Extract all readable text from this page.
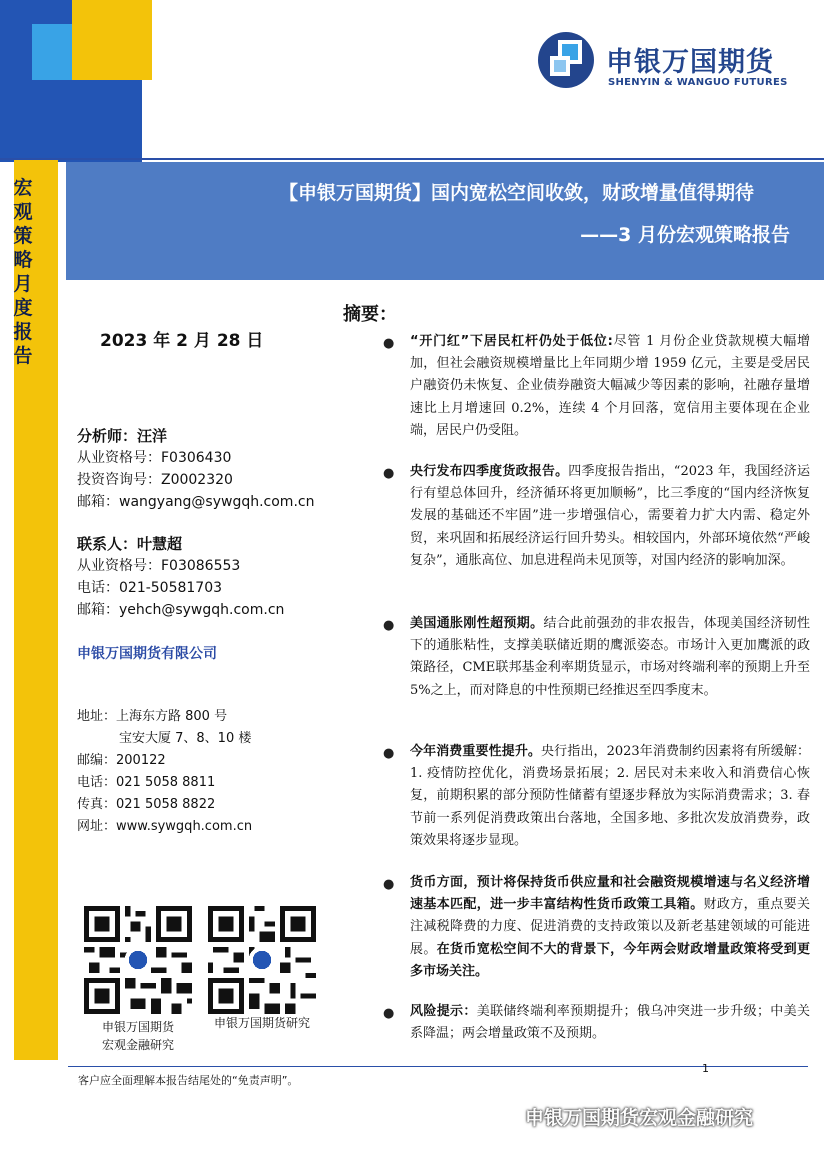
申银万国期货
SHENYIN & WANGUO FUTURES
宏观策略
月度报告
【申银万国期货】国内宽松空间收敛，财政增量值得期待
——3 月份宏观策略报告
2023 年 2 月 28 日
分析师：汪洋
从业资格号：F0306430
投资咨询号：Z0002320
邮箱：wangyang@sywgqh.com.cn
联系人：叶慧超
从业资格号：F03086553
电话：021-50581703
邮箱：yehch@sywgqh.com.cn
申银万国期货有限公司
地址：上海东方路 800 号
宝安大厦 7、8、10 楼
邮编：200122
电话：021 5058 8811
传真：021 5058 8822
网址：www.sywgqh.com.cn
申银万国期货
宏观金融研究
申银万国期货研究
摘要：
● “开门红”下居民杠杆仍处于低位:尽管 1 月份企业贷款规模大幅增加，但社会融资规模增量比上年同期少增 1959 亿元，主要是受居民户融资仍未恢复、企业债券融资大幅减少等因素的影响，社融存量增速比上月增速回 0.2%，连续 4 个月回落，宽信用主要体现在企业端，居民户仍受阻。
● 央行发布四季度货政报告。四季度报告指出，“2023 年，我国经济运行有望总体回升，经济循环将更加顺畅”，比三季度的“国内经济恢复发展的基础还不牢固”进一步增强信心，需要着力扩大内需、稳定外贸，来巩固和拓展经济运行回升势头。相较国内，外部环境依然“严峻复杂”，通胀高位、加息进程尚未见顶等，对国内经济的影响加深。
● 美国通胀刚性超预期。结合此前强劲的非农报告，体现美国经济韧性下的通胀粘性，支撑美联储近期的鹰派姿态。市场计入更加鹰派的政策路径，CME联邦基金利率期货显示，市场对终端利率的预期上升至5%之上，而对降息的中性预期已经推迟至四季度末。
● 今年消费重要性提升。央行指出，2023年消费制约因素将有所缓解：1. 疫情防控优化，消费场景拓展；2. 居民对未来收入和消费信心恢复，前期积累的部分预防性储蓄有望逐步释放为实际消费需求；3. 春节前一系列促消费政策出台落地，全国多地、多批次发放消费券，政策效果将逐步显现。
● 货币方面，预计将保持货币供应量和社会融资规模增速与名义经济增速基本匹配，进一步丰富结构性货币政策工具箱。财政方，重点要关注减税降费的力度、促进消费的支持政策以及新老基建领域的可能进展。在货币宽松空间不大的背景下，今年两会财政增量政策将受到更多市场关注。
● 风险提示：美联储终端利率预期提升；俄乌冲突进一步升级；中美关系降温；两会增量政策不及预期。
1
客户应全面理解本报告结尾处的“免责声明”。
申银万国期货宏观金融研究
